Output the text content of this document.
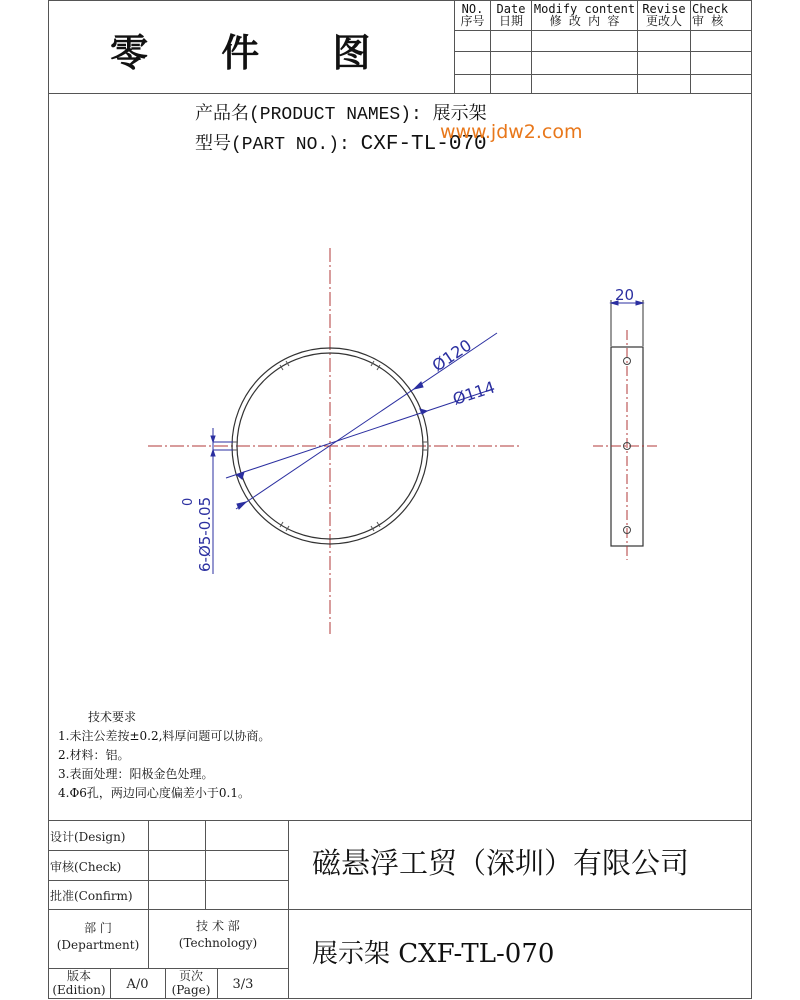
零 件 图
NO.
序号
Date
日期
Modify content
修 改 内 容
Revise
更改人
Check
审 核
产品名(PRODUCT NAMES): 展示架
型号(PART NO.): CXF-TL-070
www.jdw2.com
Ø120
Ø114
6-Ø5-0.05
0
20
技术要求
1.未注公差按±0.2,料厚问题可以协商。
2.材料：铝。
3.表面处理：阳极金色处理。
4.Φ6孔，两边同心度偏差小于0.1。
设计(Design)
审核(Check)
批准(Confirm)
部 门
(Department)
技 术 部
(Technology)
版本
(Edition)	A/0
页次
(Page)	3/3
磁悬浮工贸（深圳）有限公司
展示架 CXF-TL-070
